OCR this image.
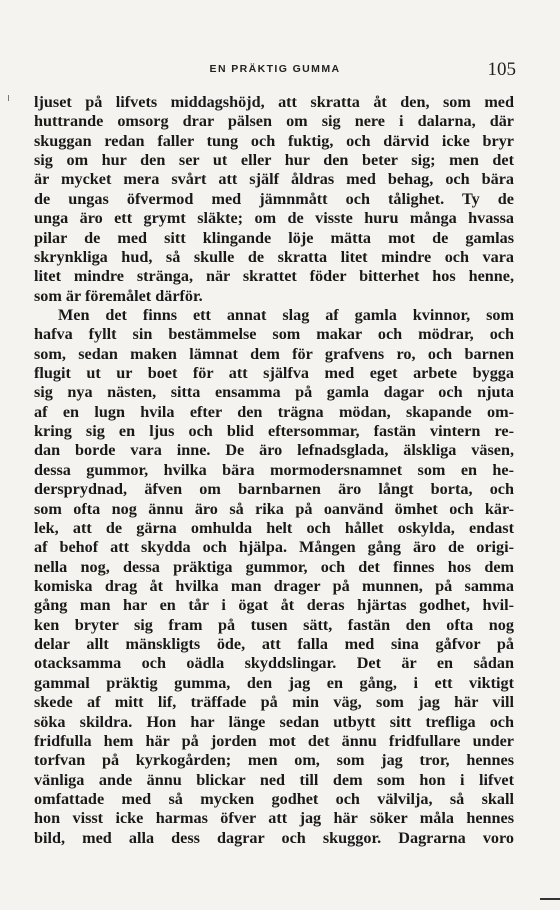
EN PRÄKTIG GUMMA	105
ljuset på lifvets middagshöjd, att skratta åt den, som med
huttrande omsorg drar pälsen om sig nere i dalarna, där
skuggan redan faller tung och fuktig, och därvid icke bryr
sig om hur den ser ut eller hur den beter sig; men det
är mycket mera svårt att själf åldras med behag, och bära
de ungas öfvermod med jämnmått och tålighet. Ty de
unga äro ett grymt släkte; om de visste huru många hvassa
pilar de med sitt klingande löje mätta mot de gamlas
skrynkliga hud, så skulle de skratta litet mindre och vara
litet mindre stränga, när skrattet föder bitterhet hos henne,
som är föremålet därför.
Men det finns ett annat slag af gamla kvinnor, som
hafva fyllt sin bestämmelse som makar och mödrar, och
som, sedan maken lämnat dem för grafvens ro, och barnen
flugit ut ur boet för att själfva med eget arbete bygga
sig nya nästen, sitta ensamma på gamla dagar och njuta
af en lugn hvila efter den trägna mödan, skapande om-
kring sig en ljus och blid eftersommar, fastän vintern re-
dan borde vara inne. De äro lefnadsglada, älskliga väsen,
dessa gummor, hvilka bära mormodersnamnet som en he-
dersprydnad, äfven om barnbarnen äro långt borta, och
som ofta nog ännu äro så rika på oanvänd ömhet och kär-
lek, att de gärna omhulda helt och hållet oskylda, endast
af behof att skydda och hjälpa. Mången gång äro de origi-
nella nog, dessa präktiga gummor, och det finnes hos dem
komiska drag åt hvilka man drager på munnen, på samma
gång man har en tår i ögat åt deras hjärtas godhet, hvil-
ken bryter sig fram på tusen sätt, fastän den ofta nog
delar allt mänskligts öde, att falla med sina gåfvor på
otacksamma och oädla skyddslingar. Det är en sådan
gammal präktig gumma, den jag en gång, i ett viktigt
skede af mitt lif, träffade på min väg, som jag här vill
söka skildra. Hon har länge sedan utbytt sitt trefliga och
fridfulla hem här på jorden mot det ännu fridfullare under
torfvan på kyrkogården; men om, som jag tror, hennes
vänliga ande ännu blickar ned till dem som hon i lifvet
omfattade med så mycken godhet och välvilja, så skall
hon visst icke harmas öfver att jag här söker måla hennes
bild, med alla dess dagrar och skuggor. Dagrarna voro
